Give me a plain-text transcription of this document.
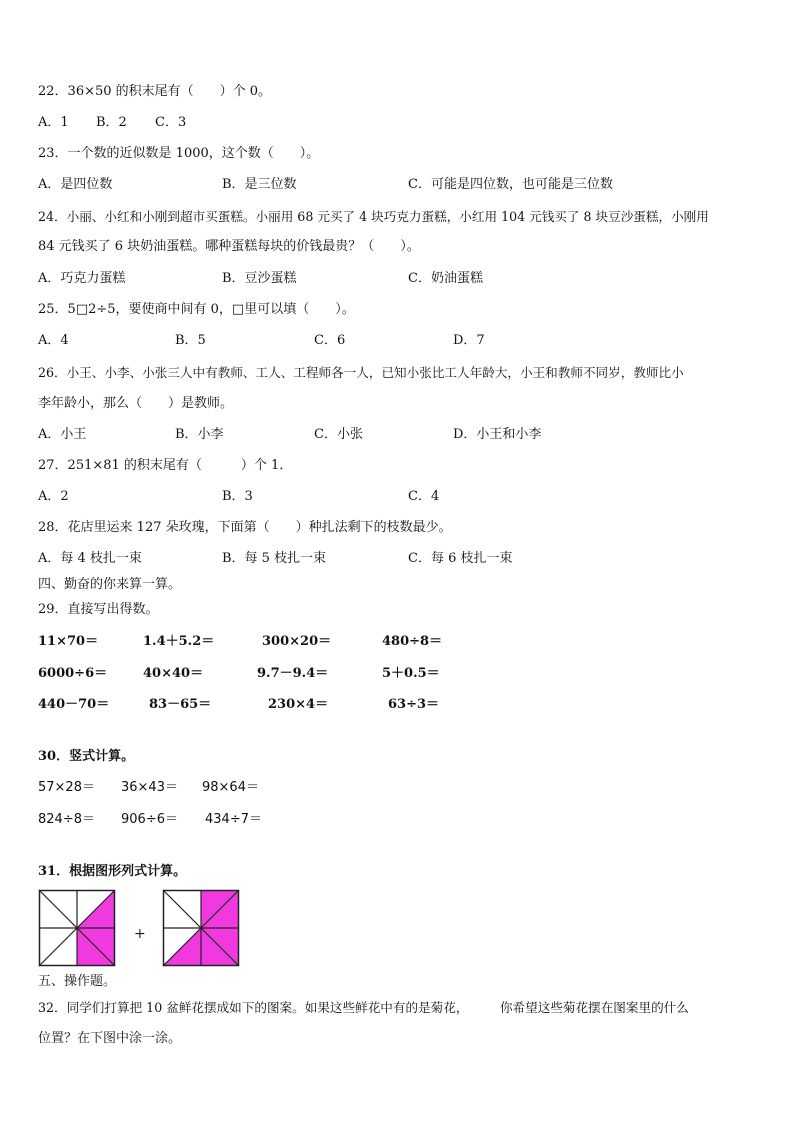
22．36×50 的积末尾有（　　）个 0。
A．1 B．2 C．3
23．一个数的近似数是 1000，这个数（　　）。
A．是四位数	B．是三位数	C．可能是四位数，也可能是三位数
24．小丽、小红和小刚到超市买蛋糕。小丽用 68 元买了 4 块巧克力蛋糕，小红用 104 元钱买了 8 块豆沙蛋糕，小刚用
84 元钱买了 6 块奶油蛋糕。哪种蛋糕每块的价钱最贵？（　　）。
A．巧克力蛋糕	B．豆沙蛋糕	C．奶油蛋糕
25．5□2÷5，要使商中间有 0，□里可以填（　　）。
A．4	B．5	C．6	D．7
26．小王、小李、小张三人中有教师、工人、工程师各一人，已知小张比工人年龄大，小王和教师不同岁，教师比小
李年龄小，那么（　　）是教师。
A．小王	B．小李	C．小张	D．小王和小李
27．251×81 的积末尾有（　　　）个 1．
A．2	B．3	C．4
28．花店里运来 127 朵玫瑰，下面第（　　）种扎法剩下的枝数最少。
A．每 4 枝扎一束	B．每 5 枝扎一束	C．每 6 枝扎一束
四、勤奋的你来算一算。
29．直接写出得数。
11×70＝	1.4＋5.2＝	300×20＝	480÷8＝
6000÷6＝	40×40＝	9.7－9.4＝	5＋0.5＝
440－70＝	83－65＝	230×4＝	63÷3＝
30．竖式计算。
57×28＝ 36×43＝ 98×64＝
824÷8＝ 906÷6＝ 434÷7＝
31．根据图形列式计算。
+
五、操作题。
32．同学们打算把 10 盆鲜花摆成如下的图案。如果这些鲜花中有的是菊花，　　　你希望这些菊花摆在图案里的什么
位置？在下图中涂一涂。
